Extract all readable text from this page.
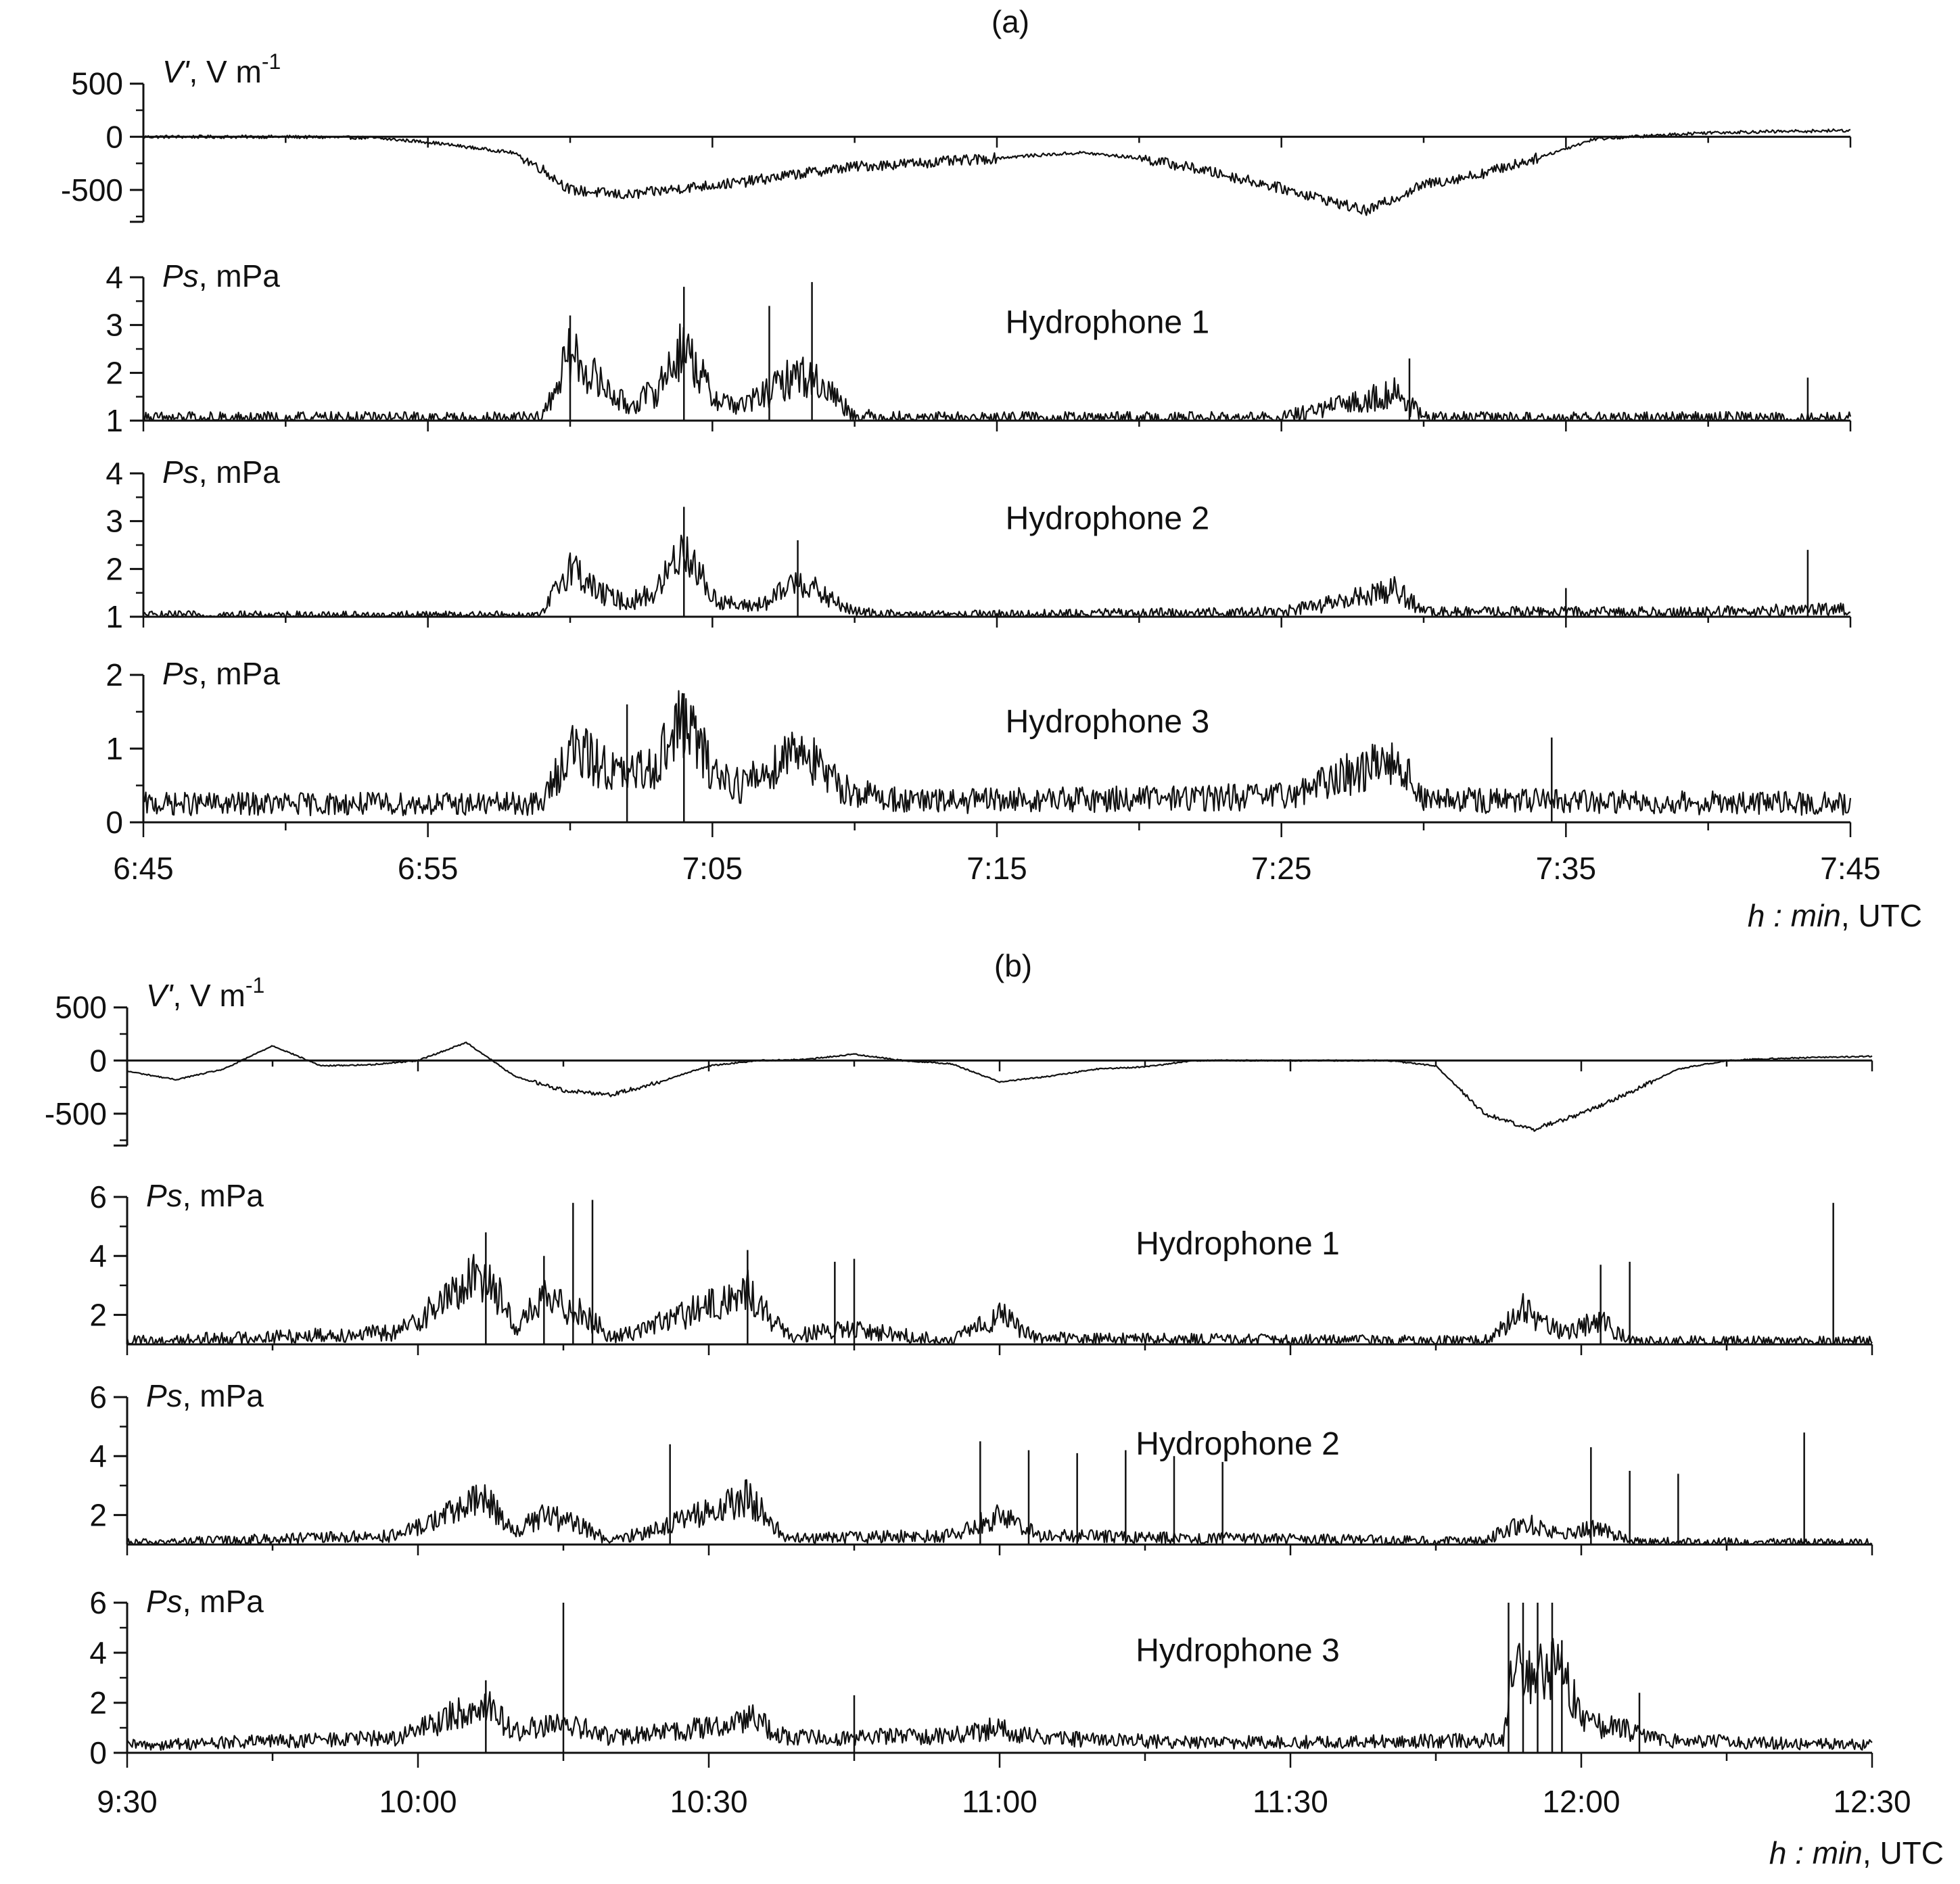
(a)
6:45	6:55	7:05	7:15	7:25	7:35	7:45
h : min, UTC
(b)
9:30	10:00	10:30	11:00	11:30	12:00	12:30
h : min, UTC
500
0
-500
V', V $m^{-1}$
4
3
2
1
Ps, mPa
Hydrophone 1
4
3
2
1
Ps, mPa
Hydrophone 2
2
1
0
Ps, mPa
Hydrophone 3
500
0
-500
V', V $m^{-1}$
6
4
2
Ps, mPa
Hydrophone 1
6
4
2
Ps, mPa
Hydrophone 2
6
4
2
0
Ps, mPa
Hydrophone 3
